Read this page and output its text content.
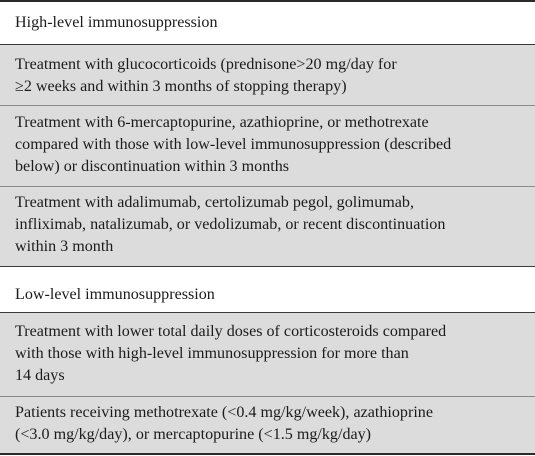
High-level immunosuppression
Treatment with glucocorticoids (prednisone>20 mg/day for
≥2 weeks and within 3 months of stopping therapy)
Treatment with 6-mercaptopurine, azathioprine, or methotrexate
compared with those with low-level immunosuppression (described
below) or discontinuation within 3 months
Treatment with adalimumab, certolizumab pegol, golimumab,
infliximab, natalizumab, or vedolizumab, or recent discontinuation
within 3 month
Low-level immunosuppression
Treatment with lower total daily doses of corticosteroids compared
with those with high-level immunosuppression for more than
14 days
Patients receiving methotrexate (<0.4 mg/kg/week), azathioprine
(<3.0 mg/kg/day), or mercaptopurine (<1.5 mg/kg/day)
